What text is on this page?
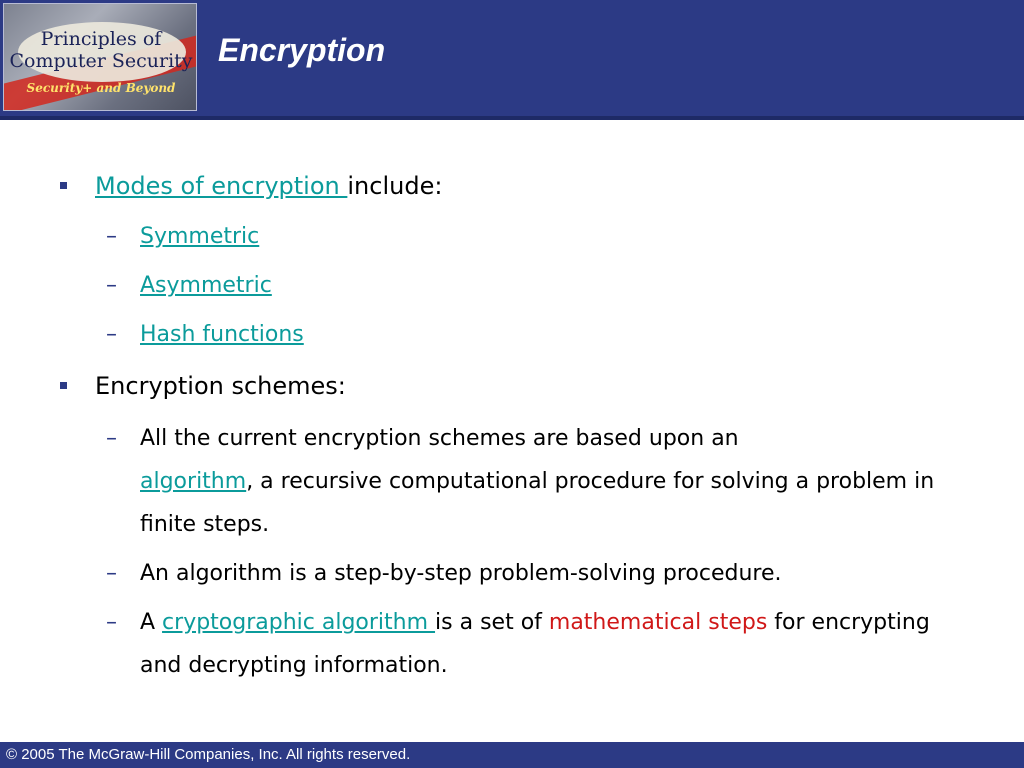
Principles of
Computer Security
Security+ and Beyond
Encryption
Modes of encryption include:
– Symmetric
– Asymmetric
– Hash functions
Encryption schemes:
– All the current encryption schemes are based upon an
algorithm, a recursive computational procedure for solving a problem in finite steps.
– An algorithm is a step-by-step problem-solving procedure.
– A cryptographic algorithm is a set of mathematical steps for encrypting and decrypting information.
© 2005 The McGraw-Hill Companies, Inc. All rights reserved.
